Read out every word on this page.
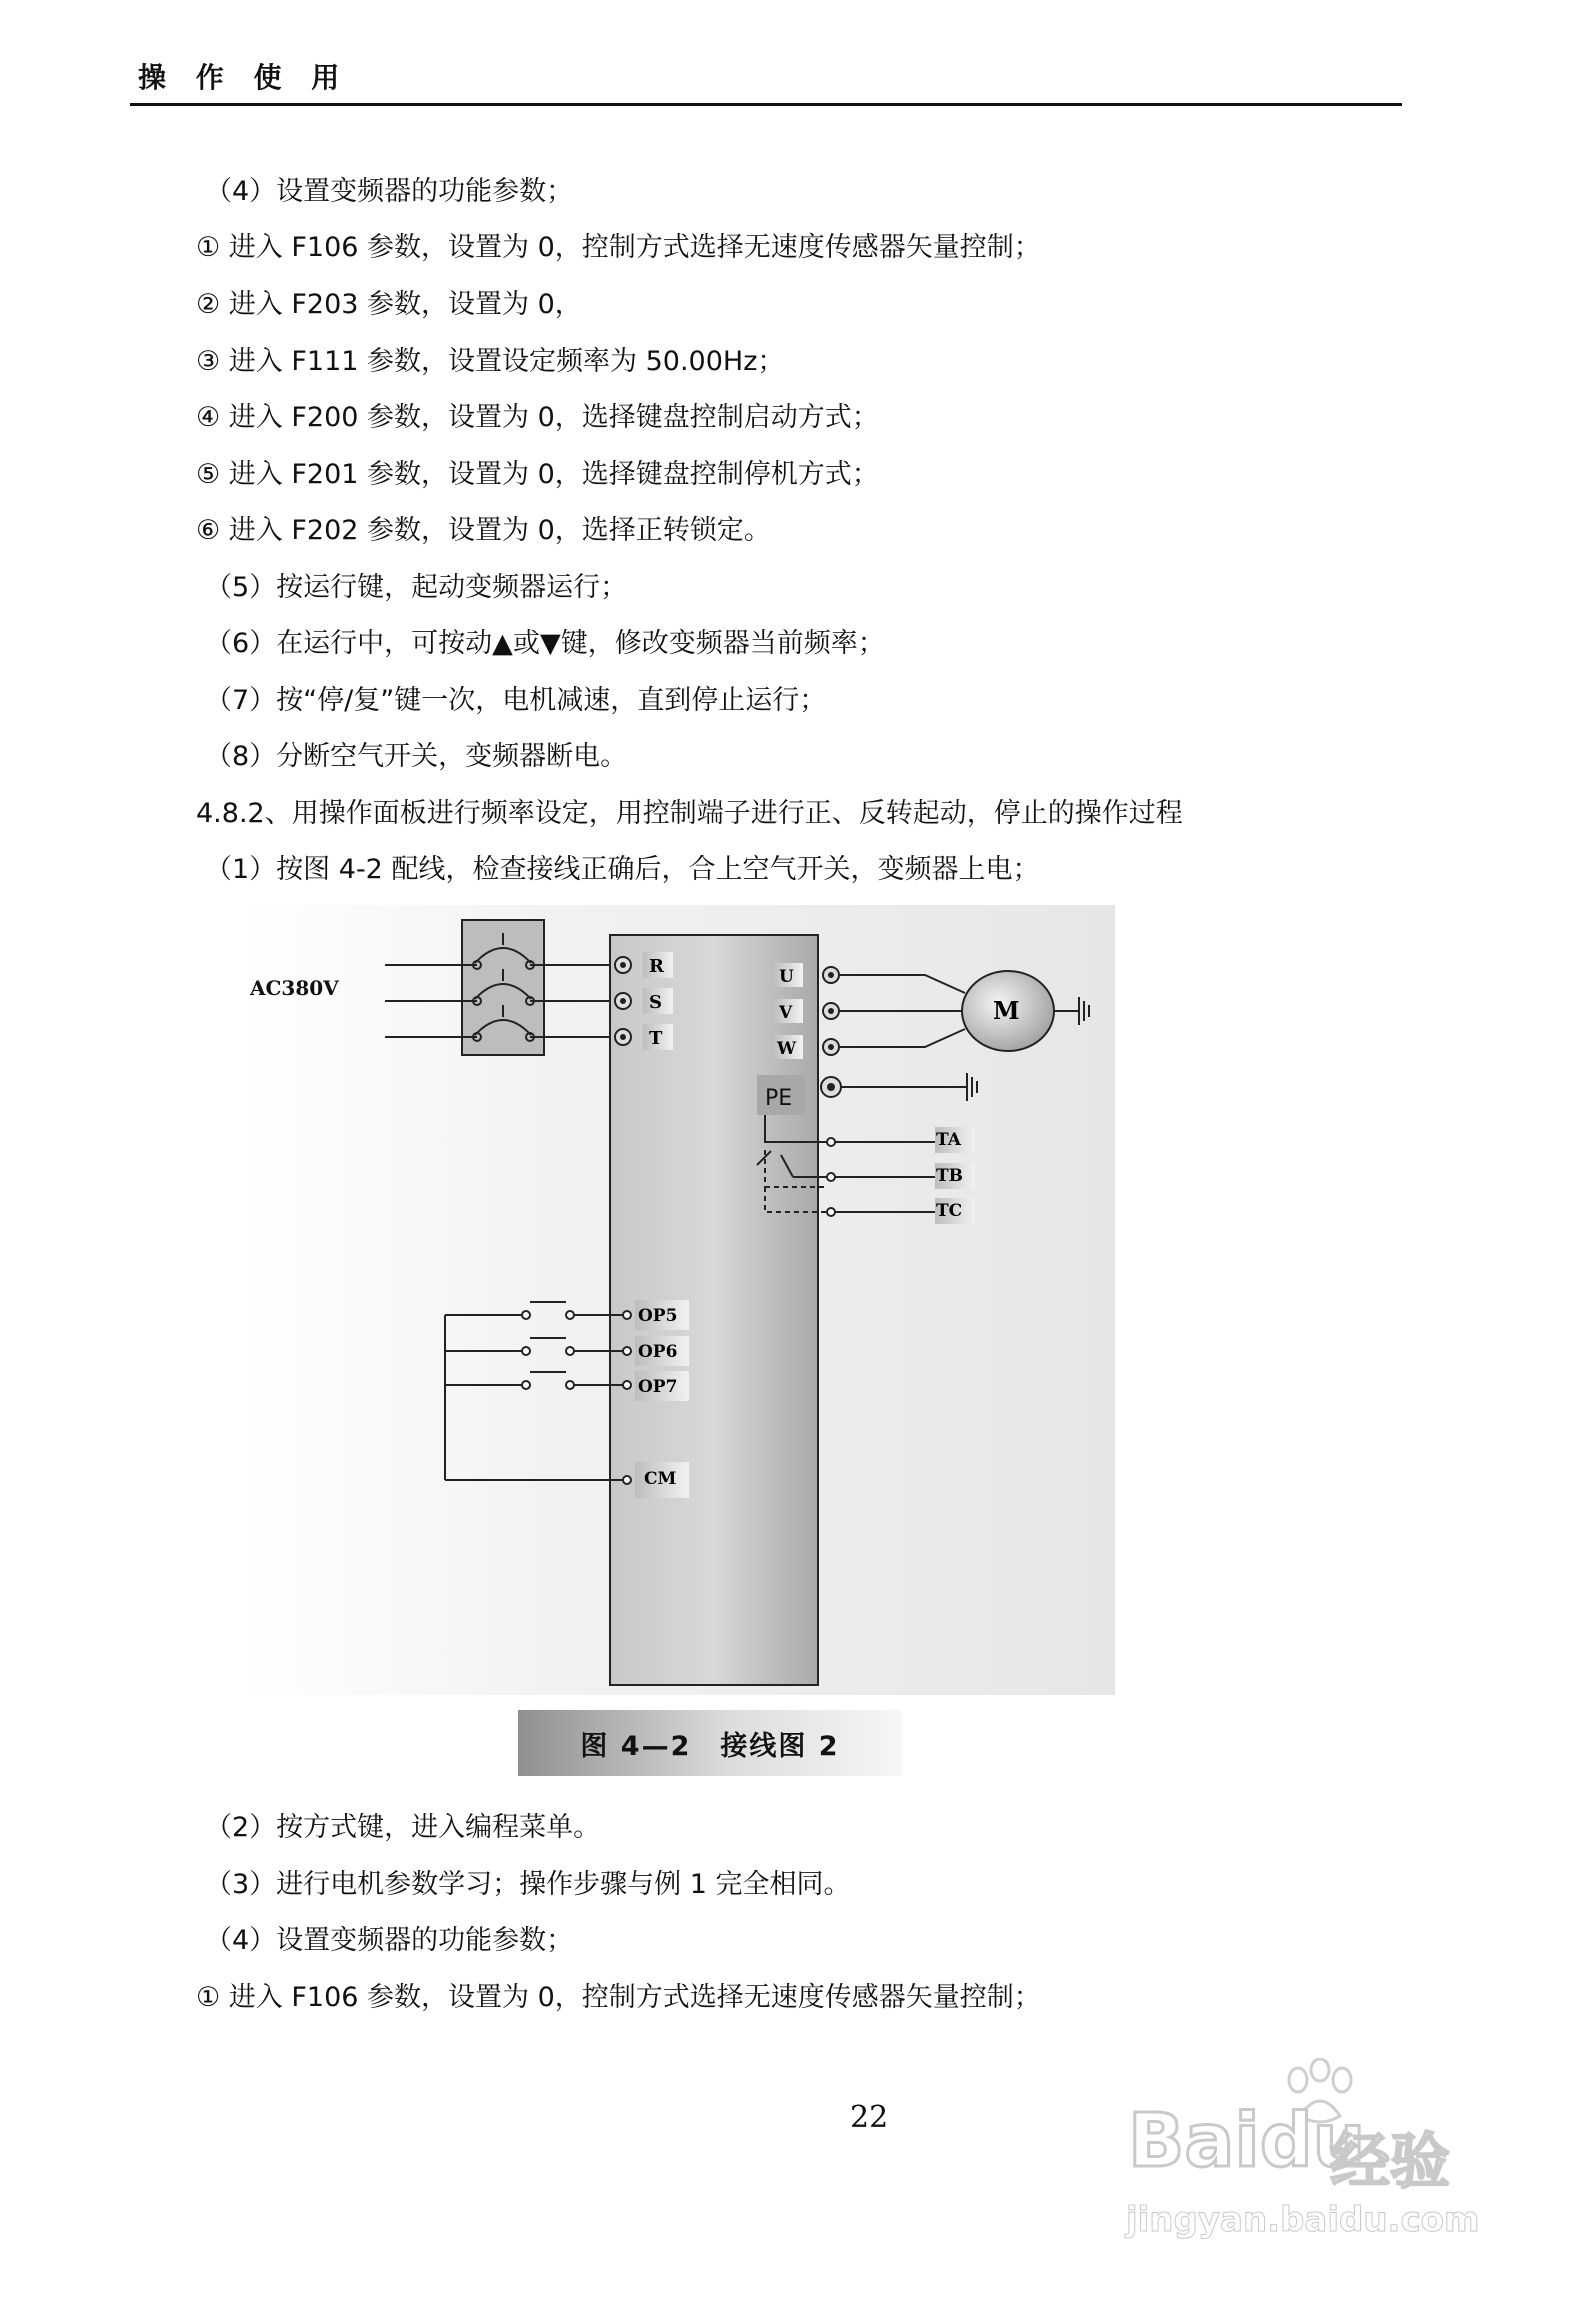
操 作 使 用
（4）设置变频器的功能参数；
① 进入 F106 参数，设置为 0，控制方式选择无速度传感器矢量控制；
② 进入 F203 参数，设置为 0，
③ 进入 F111 参数，设置设定频率为 50.00Hz；
④ 进入 F200 参数，设置为 0，选择键盘控制启动方式；
⑤ 进入 F201 参数，设置为 0，选择键盘控制停机方式；
⑥ 进入 F202 参数，设置为 0，选择正转锁定。
（5）按运行键，起动变频器运行；
（6）在运行中，可按动▲或▼键，修改变频器当前频率；
（7）按“停/复”键一次，电机减速，直到停止运行；
（8）分断空气开关，变频器断电。
4.8.2、用操作面板进行频率设定，用控制端子进行正、反转起动，停止的操作过程
（1）按图 4-2 配线，检查接线正确后，合上空气开关，变频器上电；
AC380V
R
S
T
U
V
W
PE
M
TA
TB
TC
OP5
OP6
OP7
CM
图 4—2　接线图 2
（2）按方式键，进入编程菜单。
（3）进行电机参数学习；操作步骤与例 1 完全相同。
（4）设置变频器的功能参数；
① 进入 F106 参数，设置为 0，控制方式选择无速度传感器矢量控制；
22	Baidu
经验
jingyan.baidu.com
